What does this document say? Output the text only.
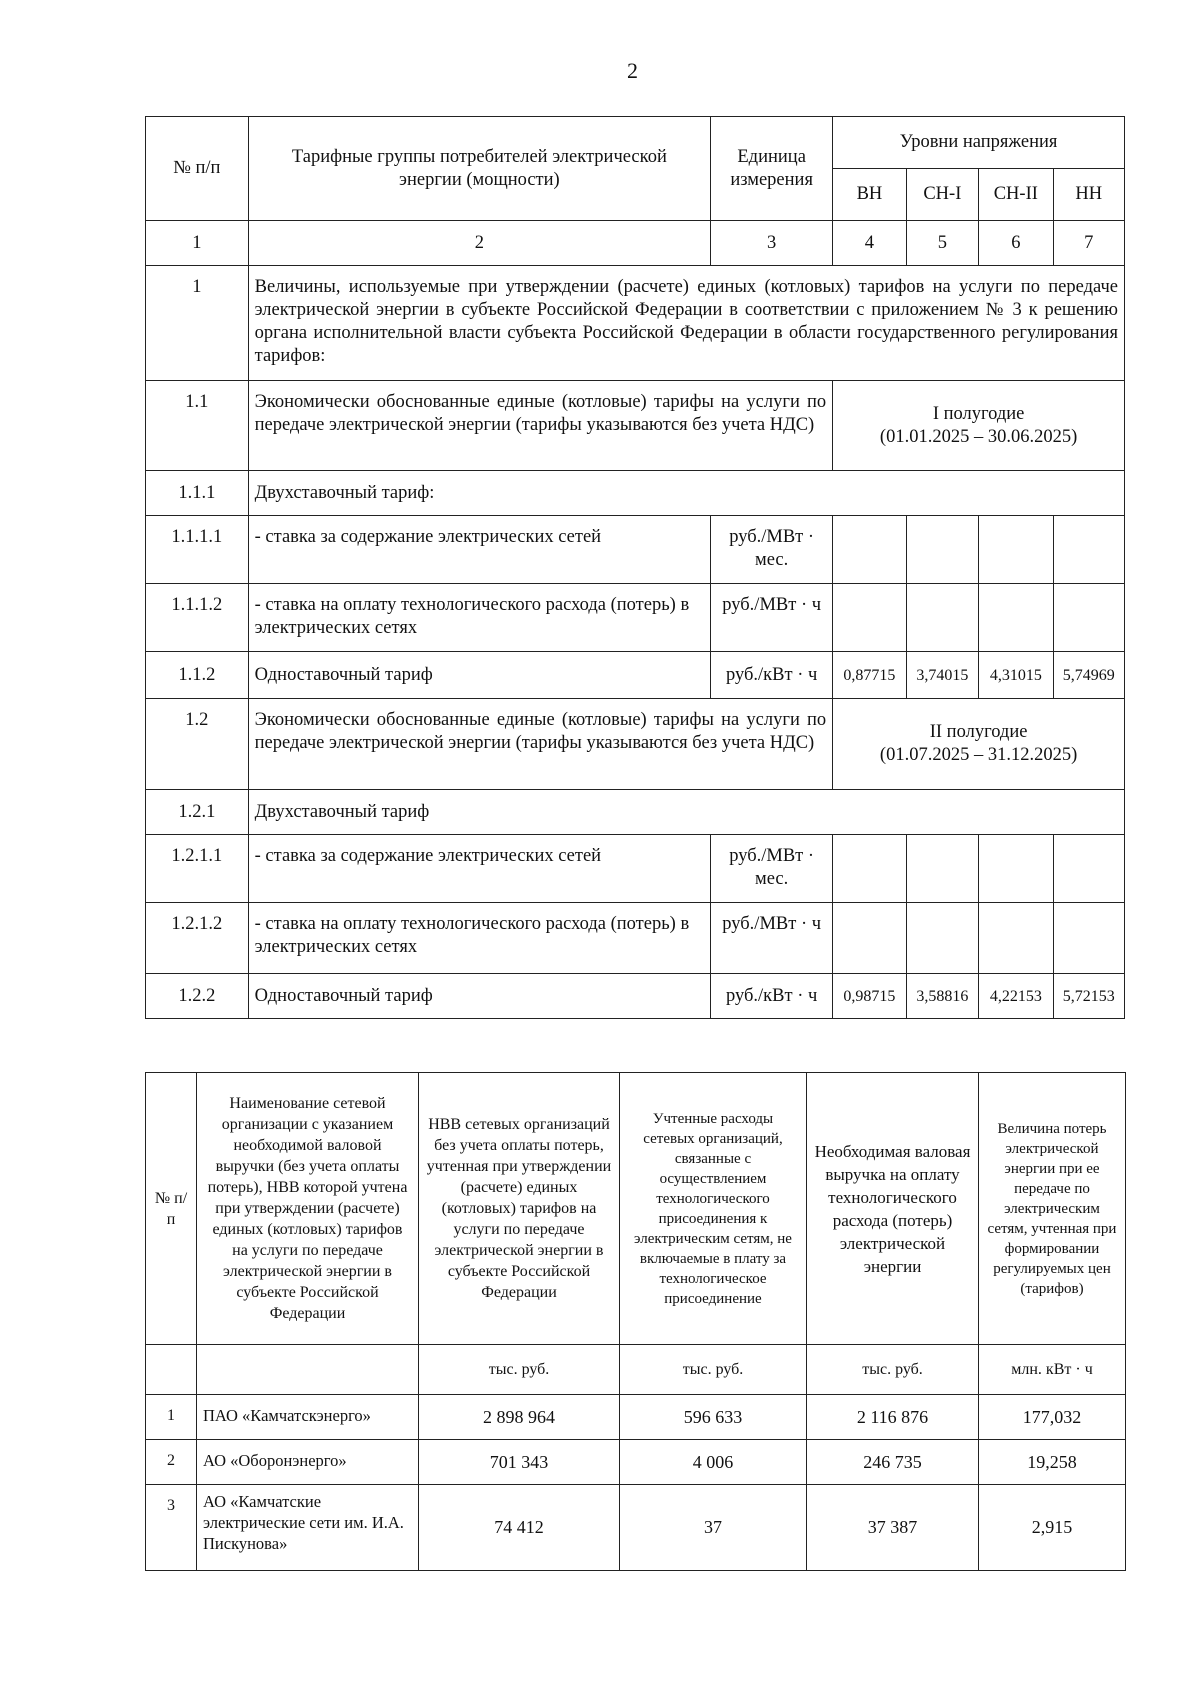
2
№ п/п	Тарифные группы потребителей электрической энергии (мощности)	Единица измерения	Уровни напряжения			
			ВН	СН-I	СН-II	НН
1	2	3	4	5	6	7
1	Величины, используемые при утверждении (расчете) единых (котловых) тарифов на услуги по передаче электрической энергии в субъекте Российской Федерации в соответствии с приложением № 3 к решению органа исполнительной власти субъекта Российской Федерации в области государственного регулирования тарифов:					
1.1	Экономически обоснованные единые (котловые) тарифы на услуги по передаче электрической энергии (тарифы указываются без учета НДС)		I полугодие
(01.01.2025 – 30.06.2025)			

1.1.1	Двухставочный тариф:					
1.1.1.1	- ставка за содержание электрических сетей	руб./МВт · мес.				
1.1.1.2	- ставка на оплату технологического расхода (потерь) в электрических сетях	руб./МВт · ч				
1.1.2	Одноставочный тариф	руб./кВт · ч	0,87715	3,74015	4,31015	5,74969
1.2	Экономически обоснованные единые (котловые) тарифы на услуги по передаче электрической энергии (тарифы указываются без учета НДС)		II полугодие
(01.07.2025 – 31.12.2025)			

1.2.1	Двухставочный тариф					
1.2.1.1	- ставка за содержание электрических сетей	руб./МВт · мес.				
1.2.1.2	- ставка на оплату технологического расхода (потерь) в электрических сетях	руб./МВт · ч				
1.2.2	Одноставочный тариф	руб./кВт · ч	0,98715	3,58816	4,22153	5,72153
№ п/п	Наименование сетевой организации с указанием необходимой валовой выручки (без учета оплаты потерь), НВВ которой учтена при утверждении (расчете) единых (котловых) тарифов на услуги по передаче электрической энергии в субъекте Российской Федерации	НВВ сетевых организаций без учета оплаты потерь, учтенная при утверждении (расчете) единых (котловых) тарифов на услуги по передаче электрической энергии в субъекте Российской Федерации	Учтенные расходы сетевых организаций, связанные с осуществлением технологического присоединения к электрическим сетям, не включаемые в плату за технологическое присоединение	Необходимая валовая выручка на оплату технологического расхода (потерь) электрической энергии	Величина потерь электрической энергии при ее передаче по электрическим сетям, учтенная при формировании регулируемых цен (тарифов)
		тыс. руб.	тыс. руб.	тыс. руб.	млн. кВт · ч
1	ПАО «Камчатскэнерго»	2 898 964	596 633	2 116 876	177,032
2	АО «Оборонэнерго»	701 343	4 006	246 735	19,258
3	АО «Камчатские электрические сети им. И.А. Пискунова»	74 412	37	37 387	2,915
